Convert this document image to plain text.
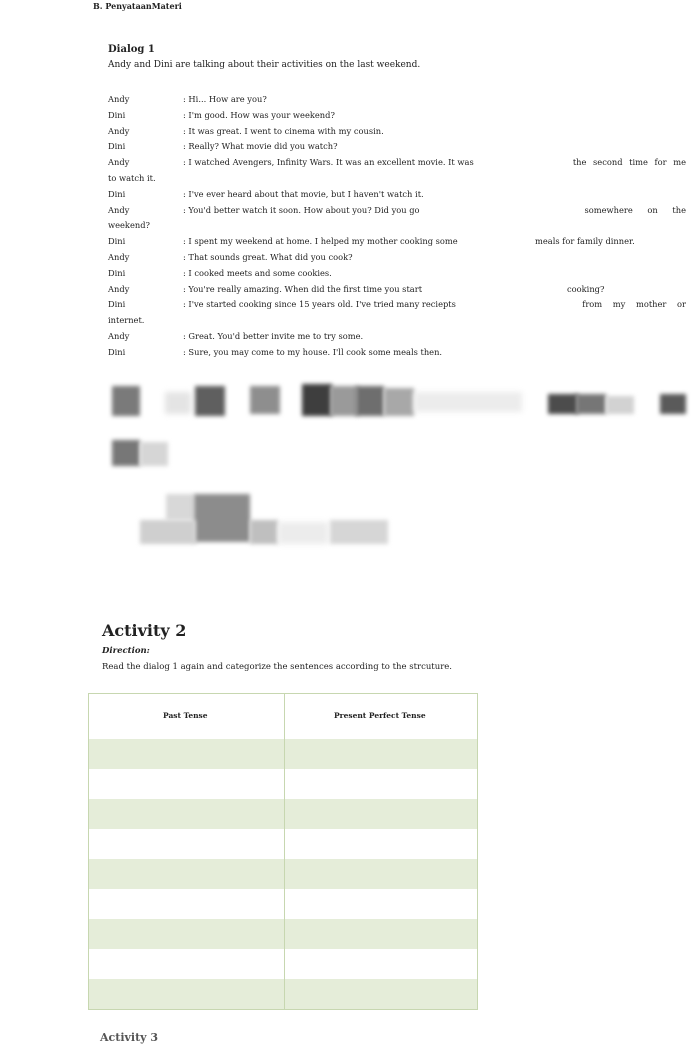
B. PenyataanMateri
Dialog 1
Andy and Dini are talking about their activities on the last weekend.
Andy	: Hi... How are you?
Dini	: I'm good. How was your weekend?
Andy	: It was great. I went to cinema with my cousin.
Dini	: Really? What movie did you watch?
Andy	: I watched Avengers, Infinity Wars. It was an excellent movie. It was	the second time for me
to watch it.
Dini	: I've ever heard about that movie, but I haven't watch it.
Andy	: You'd better watch it soon. How about you? Did you go	somewhere on the
weekend?
Dini	: I spent my weekend at home. I helped my mother cooking some	meals for family dinner.
Andy	: That sounds great. What did you cook?
Dini	: I cooked meets and some cookies.
Andy	: You're really amazing. When did the first time you start	cooking?
Dini	: I've started cooking since 15 years old. I've tried many reciepts	from my mother or
internet.
Andy	: Great. You'd better invite me to try some.
Dini	: Sure, you may come to my house. I'll cook some meals then.
Activity 2
Direction:
Read the dialog 1 again and categorize the sentences according to the strcuture.
Past Tense	Present Perfect Tense
Activity 3
